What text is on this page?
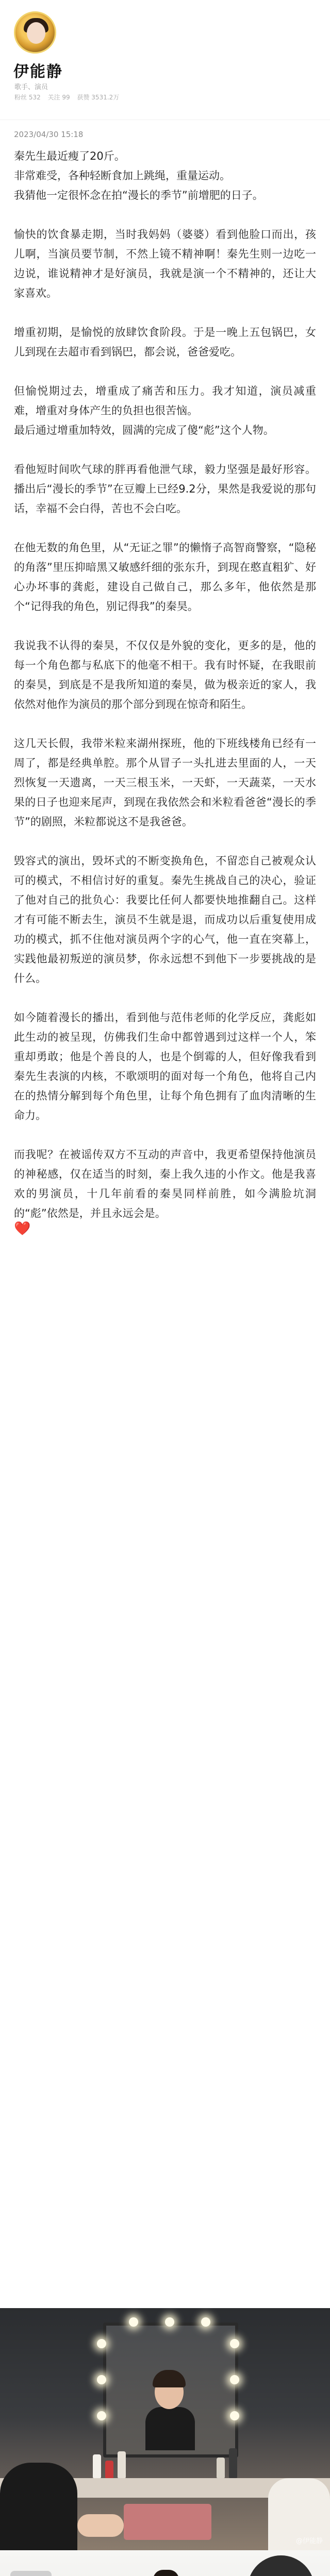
伊能静
歌手、演员
粉丝 532 关注 99 获赞 3531.2万

2023/04/30 15:18

秦先生最近瘦了20斤。
非常难受，各种轻断食加上跳绳，重量运动。
我猜他一定很怀念在拍“漫长的季节”前增肥的日子。

愉快的饮食暴走期，当时我妈妈（婆婆）看到他脸口而出，孩儿啊，当演员要节制，不然上镜不精神啊！秦先生则一边吃一边说，谁说精神才是好演员，我就是演一个不精神的，还让大家喜欢。

增重初期，是愉悦的放肆饮食阶段。于是一晚上五包锅巴，女儿到现在去超市看到锅巴，都会说，爸爸爱吃。

但愉悦期过去，增重成了痛苦和压力。我才知道，演员减重难，增重对身体产生的负担也很苦恼。
最后通过增重加特效，圆满的完成了傻“彪”这个人物。

看他短时间吹气球的胖再看他泄气球，毅力坚强是最好形容。播出后“漫长的季节”在豆瓣上已经9.2分，果然是我爱说的那句话，幸福不会白得，苦也不会白吃。

在他无数的角色里，从“无证之罪”的懒惰子高智商警察，“隐秘的角落”里压抑暗黑又敏感纤细的张东升，到现在憨直粗犷、好心办坏事的龚彪，建设自己做自己，那么多年，他依然是那个“记得我的角色，别记得我”的秦昊。

我说我不认得的秦昊，不仅仅是外貌的变化，更多的是，他的每一个角色都与私底下的他毫不相干。我有时怀疑，在我眼前的秦昊，到底是不是我所知道的秦昊，做为极亲近的家人，我依然对他作为演员的那个部分到现在惊奇和陌生。

这几天长假，我带米粒来湖州探班，他的下班线楼角已经有一周了，都是经典单腔。那个从冒子一头扎进去里面的人，一天烈恢复一天遗离，一天三根玉米，一天虾，一天蔬菜，一天水果的日子也迎来尾声，到现在我依然会和米粒看爸爸“漫长的季节”的剧照，米粒都说这不是我爸爸。

毁容式的演出，毁坏式的不断变换角色，不留恋自己被观众认可的模式，不相信讨好的重复。秦先生挑战自己的决心，验证了他对自己的批负心：我要比任何人都要快地推翻自己。这样才有可能不断去生，演员不生就是退，而成功以后重复使用成功的模式，抓不住他对演员两个字的心气，他一直在突幕上，实践他最初叛逆的演员梦，你永远想不到他下一步要挑战的是什么。

如今随着漫长的播出，看到他与范伟老师的化学反应，龚彪如此生动的被呈现，仿佛我们生命中都曾遇到过这样一个人，笨重却勇敢；他是个善良的人，也是个倒霉的人，但好像我看到秦先生表演的内核，不歌颂明的面对每一个角色，他将自己内在的热情分解到每个角色里，让每个角色拥有了血肉清晰的生命力。

而我呢？在被谣传双方不互动的声音中，我更希望保持他演员的神秘感，仅在适当的时刻，秦上我久违的小作文。他是我喜欢的男演员，十几年前看的秦昊同样前胜，如今满脸坑洞的“彪”依然是，并且永远会是。

❤️

@伊能静
